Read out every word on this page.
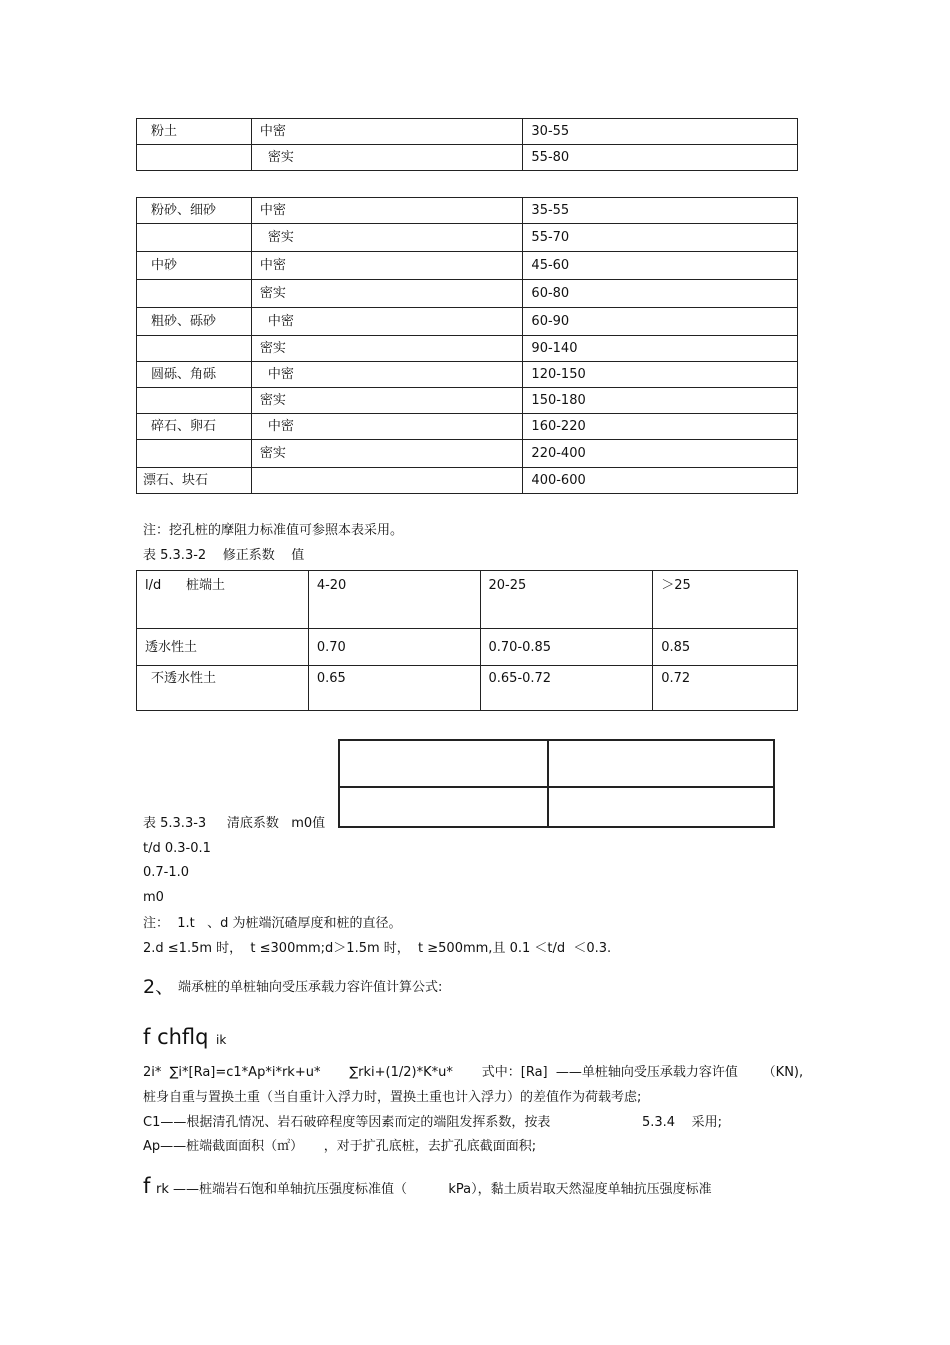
粉土	中密	30-55
	密实	55-80
粉砂、细砂	中密	35-55
	密实	55-70
中砂	中密	45-60
	密实	60-80
粗砂、砾砂	中密	60-90
	密实	90-140
圆砾、角砾	中密	120-150
	密实	150-180
碎石、卵石	中密	160-220
	密实	220-400
漂石、块石		400-600
注：挖孔桩的摩阻力标准值可参照本表采用。
表 5.3.3-2    修正系数    值
l/d      桩端土	4-20	20-25	＞25
透水性土	0.70	0.70-0.85	0.85
不透水性土	0.65	0.65-0.72	0.72

表 5.3.3-3     清底系数   m0值
t/d 0.3-0.1
0.7-1.0
m0
注：  1.t   、d 为桩端沉碴厚度和桩的直径。
2.d ≤1.5m 时，  t ≤300mm;d＞1.5m 时，  t ≥500mm,且 0.1 ＜t/d  ＜0.3.
2、 端承桩的单桩轴向受压承载力容许值计算公式:
f chflq ik
2i*  ∑i*[Ra]=c1*Ap*i*rk+u*       ∑rki+(1/2)*K*u*       式中：[Ra]  ——单桩轴向受压承载力容许值      （KN),
桩身自重与置换土重（当自重计入浮力时，置换土重也计入浮力）的差值作为荷载考虑;
C1——根据清孔情况、岩石破碎程度等因素而定的端阻发挥系数，按表	5.3.4    采用;
Ap——桩端截面面积（㎡）     ，对于扩孔底桩，去扩孔底截面面积;
f rk ——桩端岩石饱和单轴抗压强度标准值（          kPa），黏土质岩取天然湿度单轴抗压强度标准
